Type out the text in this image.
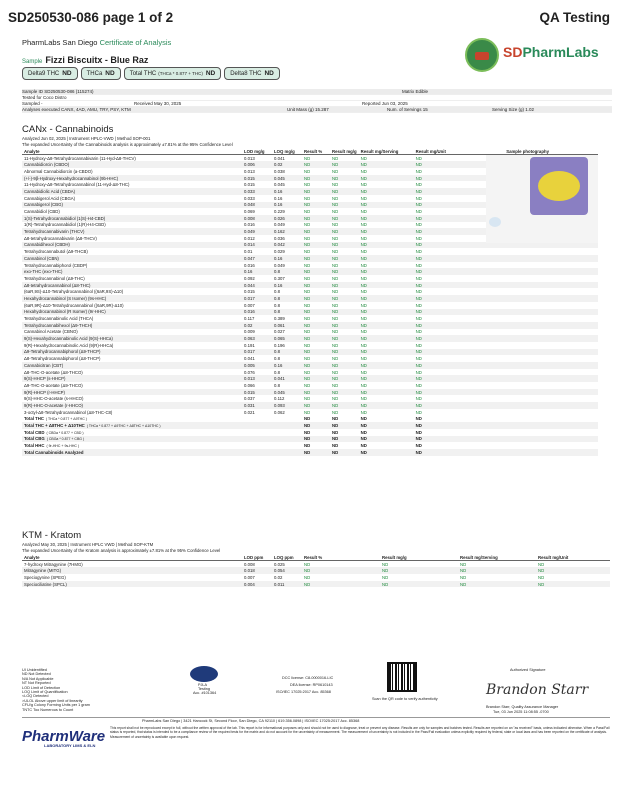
SD250530-086 page 1 of 2	QA Testing
PharmLabs San Diego Certificate of Analysis
Sample Fizzi Biscuitx - Blue Raz	SDPharmLabs
Delta9 THC ND	THCa ND	Total THC (THCa * 0.877 + THC) ND	Delta8 THC ND
Sample ID SD250530-086 (115274)	Matrix Edible
Tested for Coco Distro
Sampled -	Received May 30, 2025	Reported Jun 03, 2025
Analyses executed CANX, 4AD, AMU, TRY, PSY, KTM	Unit Mass (g) 15.287	Num. of Servings 15	Serving Size (g) 1.02
CANx - Cannabinoids
Analyzed Jun 02, 2025 | Instrument HPLC-VWD | Method SOP-001
The expanded Uncertainty of the Cannabinoids analysis is approximately ±7.81% at the 95% Confidence Level
Analyte	LOD mg/g	LOQ mg/g	Result %	Result mg/g	Result mg/Serving	Result mg/Unit	Sample photography
11-Hydroxy-Δ8-Tetrahydrocannabivarin (11-Hyd-Δ8-THCV)	0.013	0.041	ND	ND	ND	ND	
Cannabidiorcin (CBDO)	0.006	0.02	ND	ND	ND	ND	
Abnormal Cannabidiorcin (a-CBDO)	0.013	0.038	ND	ND	ND	ND	
(+/-)-9β-Hydroxy-Hexahydrocannabinol (9b-HHC)	0.015	0.045	ND	ND	ND	ND	
11-Hydroxy-Δ8-Tetrahydrocannabinol (11-Hyd-Δ8-THC)	0.015	0.045	ND	ND	ND	ND	
Cannabidiolic Acid (CBDA)	0.033	0.16	ND	ND	ND	ND	
Cannabigerol Acid (CBGA)	0.033	0.16	ND	ND	ND	ND	
Cannabigerol (CBG)	0.048	0.16	ND	ND	ND	ND	
Cannabidiol (CBD)	0.069	0.229	ND	ND	ND	ND	
1(S)-Tetrahydrocannabidiol (1(S)-H4-CBD)	0.008	0.026	ND	ND	ND	ND	
1(R)-Tetrahydrocannabidiol (1(R)-H4-CBD)	0.016	0.049	ND	ND	ND	ND	
Tetrahydrocannabivarin (THCV)	0.049	0.162	ND	ND	ND	ND	
Δ8-tetrahydrocannabivarin (Δ8-THCV)	0.012	0.036	ND	ND	ND	ND	
Cannabidihexol (CBDH)	0.014	0.042	ND	ND	ND	ND	
Tetrahydrocannabutol (Δ9-THCB)	0.01	0.029	ND	ND	ND	ND	
Cannabinol (CBN)	0.047	0.16	ND	ND	ND	ND	
Tetrahydrocannabiphorol (CBDP)	0.016	0.049	ND	ND	ND	ND	
exo-THC (exo-THC)	0.16	0.8	ND	ND	ND	ND	
Tetrahydrocannabinol (Δ9-THC)	0.092	0.307	ND	ND	ND	ND	
Δ8-tetrahydrocannabinol (Δ8-THC)	0.044	0.16	ND	ND	ND	ND	
(6aR,9S)-Δ10-Tetrahydrocannabinol ((6aR,9S)-Δ10)	0.015	0.8	ND	ND	ND	ND	
Hexahydrocannabinol (S Isomer) (9s-HHC)	0.017	0.8	ND	ND	ND	ND	
(6aR,9R)-Δ10-Tetrahydrocannabinol ((6aR,9R)-Δ10)	0.007	0.8	ND	ND	ND	ND	
Hexahydrocannabinol (R Isomer) (9r-HHC)	0.016	0.8	ND	ND	ND	ND	
Tetrahydrocannabinolic Acid (THCA)	0.117	0.389	ND	ND	ND	ND	
Tetrahydrocannabihexol (Δ9-THCH)	0.02	0.061	ND	ND	ND	ND	
Cannabinol Acetate (CBNO)	0.009	0.027	ND	ND	ND	ND	
9(S)-Hexahydrocannabinolic Acid (9(S)-HHCa)	0.063	0.065	ND	ND	ND	ND	
9(R)-Hexahydrocannabinolic Acid (9(R)-HHCa)	0.191	0.196	ND	ND	ND	ND	
Δ9-Tetrahydrocannabiphorol (Δ9-THCP)	0.017	0.8	ND	ND	ND	ND	
Δ8-Tetrahydrocannabiphorol (Δ8-THCP)	0.041	0.8	ND	ND	ND	ND	
Cannabicitran (CBT)	0.005	0.16	ND	ND	ND	ND	
Δ8-THC-O-acetate (Δ8-THCO)	0.076	0.8	ND	ND	ND	ND	
9(S)-HHCP (s-HHCP)	0.013	0.041	ND	ND	ND	ND	
Δ9-THC-O-acetate (Δ9-THCO)	0.066	0.8	ND	ND	ND	ND	
9(R)-HHCP (r-HHCP)	0.015	0.045	ND	ND	ND	ND	
9(S)-HHC-O-acetate (s-HHCO)	0.037	0.112	ND	ND	ND	ND	
9(R)-HHC-O-acetate (r-HHCO)	0.031	0.093	ND	ND	ND	ND	
3-octyl-Δ8-Tetrahydrocannabinol (Δ8-THC-C8)	0.021	0.062	ND	ND	ND	ND	
Total THC ( THCa * 0.877 + Δ9THC )			ND	ND	ND	ND	
Total THC + Δ8THC + Δ10THC ( THCa * 0.877 + Δ9THC + Δ8THC + Δ10THC )			ND	ND	ND	ND	
Total CBD ( CBDa * 0.877 + CBD )			ND	ND	ND	ND	
Total CBG ( CBGa * 0.877 + CBG )			ND	ND	ND	ND	
Total HHC ( 9r-HHC + 9s-HHC )			ND	ND	ND	ND	
Total Cannabinoids Analyzed			ND	ND	ND	ND	
KTM - Kratom
Analyzed May 30, 2025 | Instrument HPLC VWD | Method SOP-KTM
The expanded Uncertainty of the Kratom analysis is approximately ±7.81% at the 95% Confidence Level
Analyte	LOD ppm	LOQ ppm	Result %	Result mg/g	Result mg/Serving	Result mg/Unit
7-hydroxy Mitragynine (7HMG)	0.008	0.025	ND	ND	ND	ND
Mitragynine (MITG)	0.018	0.054	ND	ND	ND	ND
Speciogynine (SPEG)	0.007	0.02	ND	ND	ND	ND
Speciociliatine (SPCL)	0.004	0.011	ND	ND	ND	ND
UI Unidentified
ND Not Detected
N/A Not Applicable
NT Not Reported
LOD Limit of Detection
LOQ Limit of Quantification
<LOQ Detected
>ULOL Above upper limit of linearity
CFU/g Colony Forming Units per 1 gram
TNTC Too Numerous to Count
PJLA
Testing
Acc. #101364
DCC license: C8-0000016-LIC
DEA license: RP0610143
ISO/IEC 17025:2017 Acc. 85368
Scan the QR code to verify authenticity
Authorized Signature
Brandon Starr
Brandon Starr, Quality Assurance Manager
Tue, 03 Jun 2025 11:08:55 -0700
PharmLabs San Diego | 3421 Hancock St, Second Floor, San Diego, CA 92110 | 619.356.0898 | ISO/IEC 17025:2017 Acc. 85368
This report shall not be reproduced except in full, without the written approval of the lab. This report is for informational purposes only and should not be used to diagnose, treat or prevent any disease. Results are only for samples and batches tested. Results are reported on an "as received" basis, unless indicated otherwise. When a Pass/Fail status is reported, that status is intended to be a compliance review of the required tests for the matrix and do not account for the uncertainty of measurement. The measurement of uncertainty is not included in the Pass/Fail evaluation unless explicitly required by federal, state or local laws and has been reported on the certificate of analysis. Measurement of uncertainty is available upon request.
PharmWare
LABORATORY LIMS & ELN
